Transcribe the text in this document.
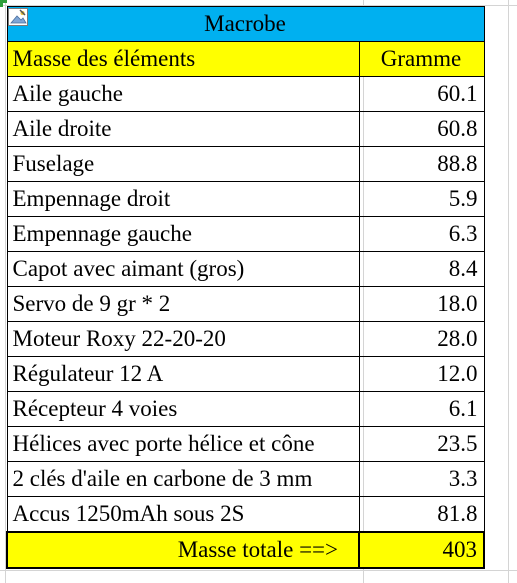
Macrobe	
Masse des éléments	Gramme
Aile gauche	60.1
Aile droite	60.8
Fuselage	88.8
Empennage droit	5.9
Empennage gauche	6.3
Capot avec aimant (gros)	8.4
Servo de 9 gr * 2	18.0
Moteur Roxy 22-20-20	28.0
Régulateur 12 A	12.0
Récepteur 4 voies	6.1
Hélices avec porte hélice et cône	23.5
2 clés d'aile en carbone de 3 mm	3.3
Accus 1250mAh sous 2S	81.8
Masse totale ==>	403
